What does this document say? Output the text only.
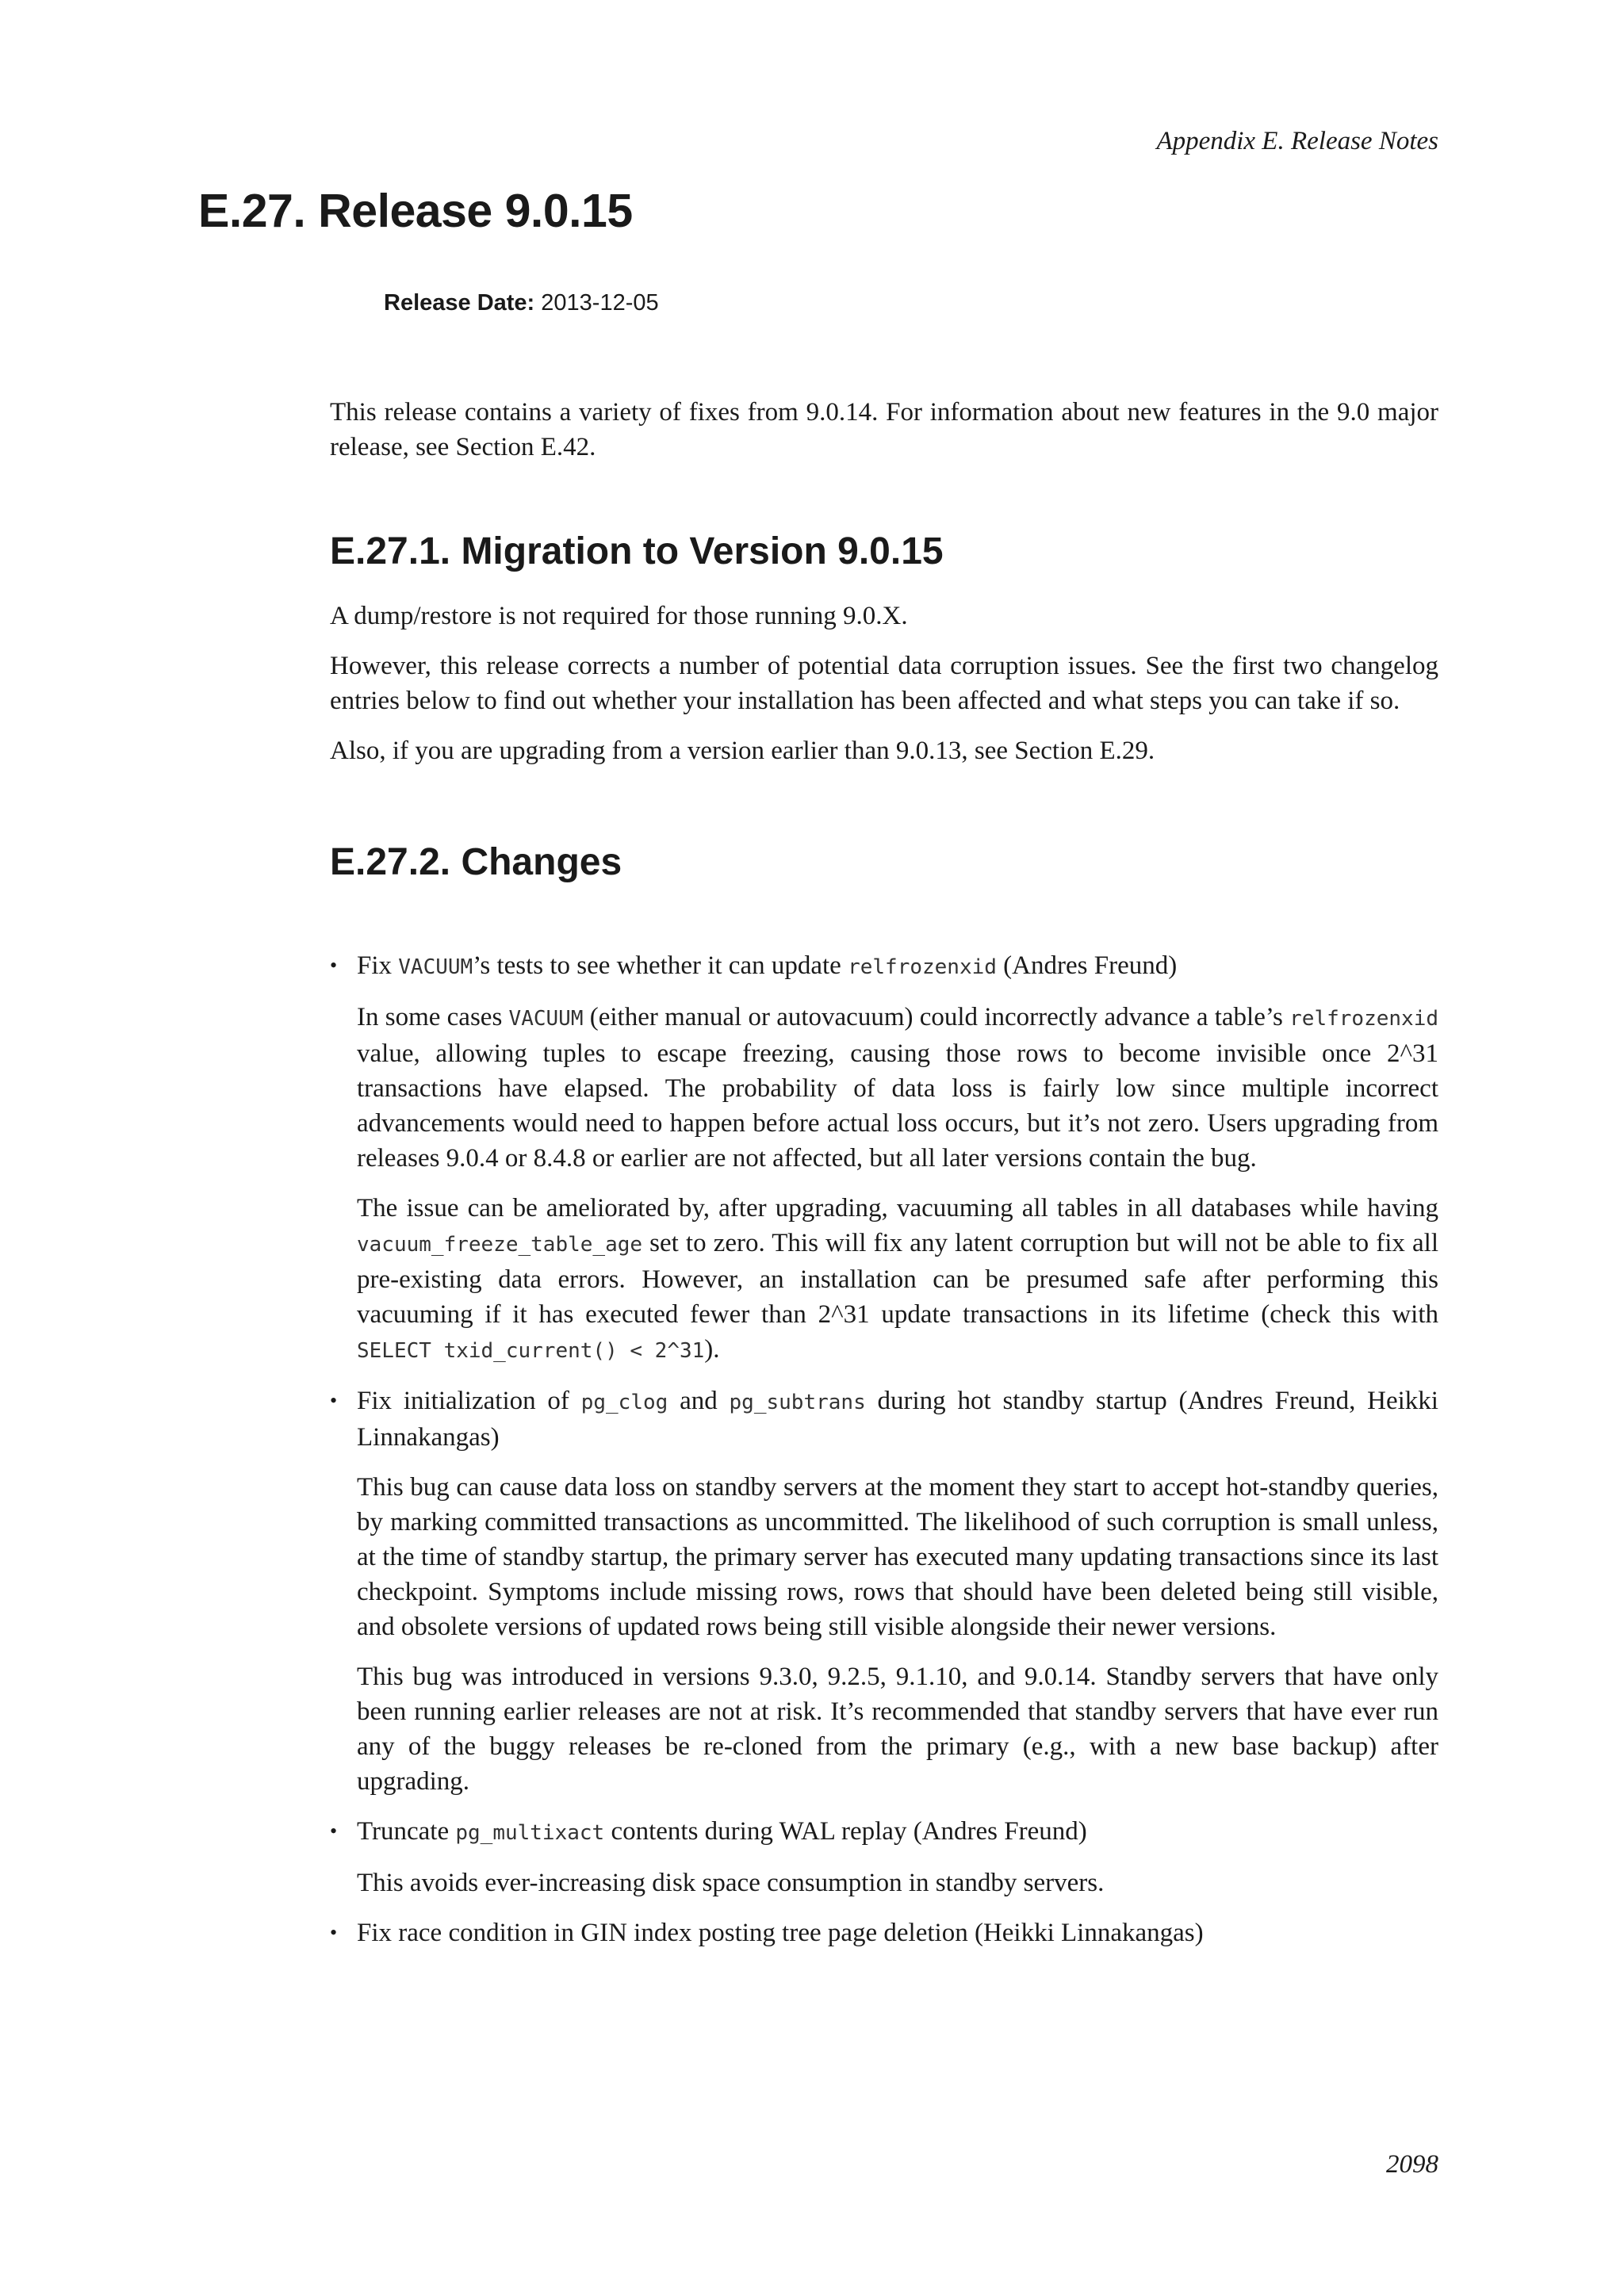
Appendix E. Release Notes
E.27. Release 9.0.15
Release Date: 2013-12-05

This release contains a variety of fixes from 9.0.14. For information about new features in the 9.0 major release, see Section E.42.

E.27.1. Migration to Version 9.0.15

A dump/restore is not required for those running 9.0.X.

However, this release corrects a number of potential data corruption issues. See the first two changelog entries below to find out whether your installation has been affected and what steps you can take if so.

Also, if you are upgrading from a version earlier than 9.0.13, see Section E.29.

E.27.2. Changes
• Fix VACUUM’s tests to see whether it can update relfrozenxid (Andres Freund)

In some cases VACUUM (either manual or autovacuum) could incorrectly advance a table’s relfrozenxid value, allowing tuples to escape freezing, causing those rows to become invisible once 2^31 transactions have elapsed. The probability of data loss is fairly low since multiple incorrect advancements would need to happen before actual loss occurs, but it’s not zero. Users upgrading from releases 9.0.4 or 8.4.8 or earlier are not affected, but all later versions contain the bug.

The issue can be ameliorated by, after upgrading, vacuuming all tables in all databases while having vacuum_freeze_table_age set to zero. This will fix any latent corruption but will not be able to fix all pre-existing data errors. However, an installation can be presumed safe after performing this vacuuming if it has executed fewer than 2^31 update transactions in its lifetime (check this with SELECT txid_current() < 2^31).

• Fix initialization of pg_clog and pg_subtrans during hot standby startup (Andres Freund, Heikki Linnakangas)

This bug can cause data loss on standby servers at the moment they start to accept hot-standby queries, by marking committed transactions as uncommitted. The likelihood of such corruption is small unless, at the time of standby startup, the primary server has executed many updating transactions since its last checkpoint. Symptoms include missing rows, rows that should have been deleted being still visible, and obsolete versions of updated rows being still visible alongside their newer versions.

This bug was introduced in versions 9.3.0, 9.2.5, 9.1.10, and 9.0.14. Standby servers that have only been running earlier releases are not at risk. It’s recommended that standby servers that have ever run any of the buggy releases be re-cloned from the primary (e.g., with a new base backup) after upgrading.

• Truncate pg_multixact contents during WAL replay (Andres Freund)

This avoids ever-increasing disk space consumption in standby servers.

• Fix race condition in GIN index posting tree page deletion (Heikki Linnakangas)

2098
